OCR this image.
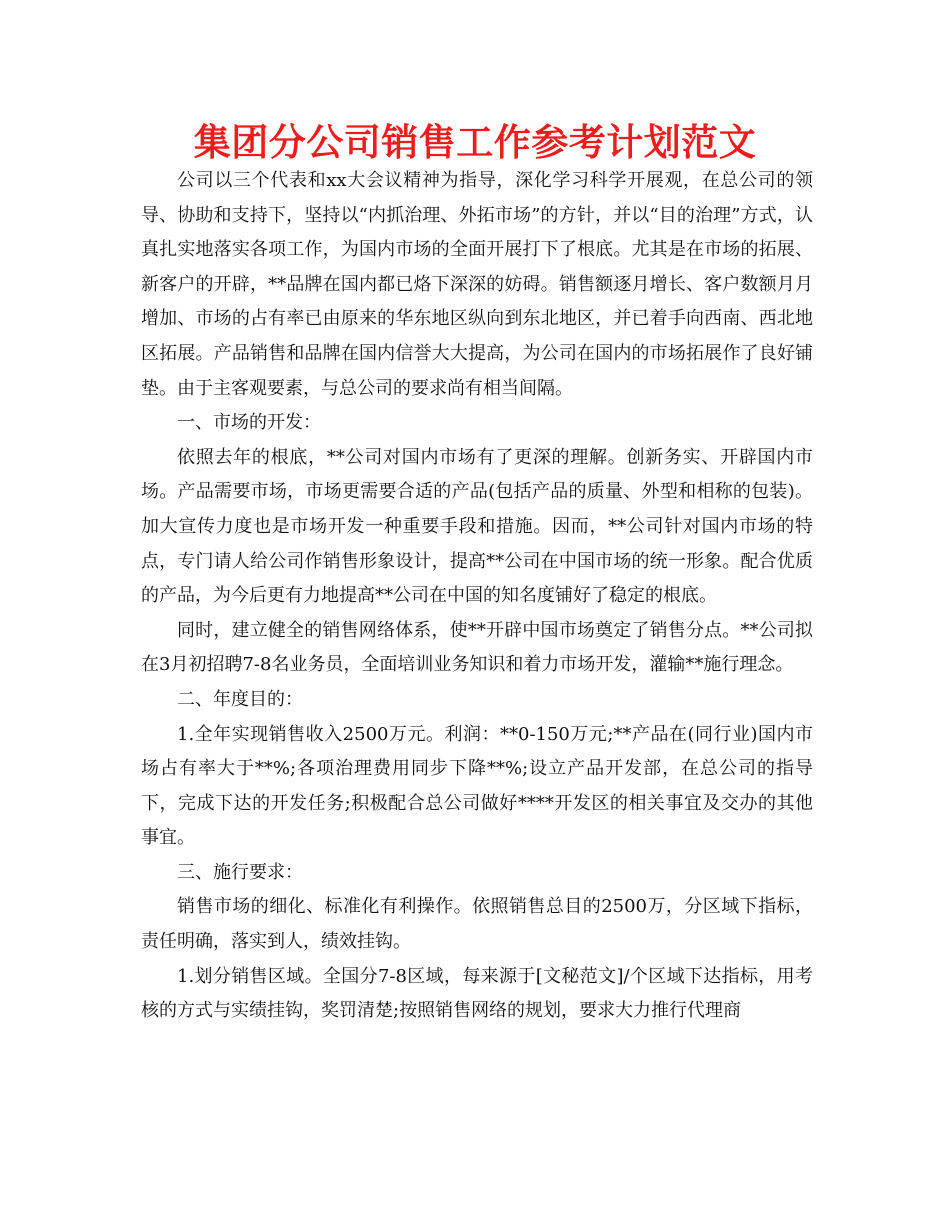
集团分公司销售工作参考计划范文

公司以三个代表和xx大会议精神为指导，深化学习科学开展观，在总公司的领导、协助和支持下，坚持以“内抓治理、外拓市场”的方针，并以“目的治理”方式，认真扎实地落实各项工作，为国内市场的全面开展打下了根底。尤其是在市场的拓展、新客户的开辟，**品牌在国内都已烙下深深的妨碍。销售额逐月增长、客户数额月月增加、市场的占有率已由原来的华东地区纵向到东北地区，并已着手向西南、西北地区拓展。产品销售和品牌在国内信誉大大提高，为公司在国内的市场拓展作了良好铺垫。由于主客观要素，与总公司的要求尚有相当间隔。

一、市场的开发：

依照去年的根底，**公司对国内市场有了更深的理解。创新务实、开辟国内市场。产品需要市场，市场更需要合适的产品(包括产品的质量、外型和相称的包装)。加大宣传力度也是市场开发一种重要手段和措施。因而，**公司针对国内市场的特点，专门请人给公司作销售形象设计，提高**公司在中国市场的统一形象。配合优质的产品，为今后更有力地提高**公司在中国的知名度铺好了稳定的根底。

同时，建立健全的销售网络体系，使**开辟中国市场奠定了销售分点。**公司拟在3月初招聘7-8名业务员，全面培训业务知识和着力市场开发，灌输**施行理念。

二、年度目的：

1.全年实现销售收入2500万元。利润：**0-150万元;**产品在(同行业)国内市场占有率大于**%;各项治理费用同步下降**%;设立产品开发部，在总公司的指导下，完成下达的开发任务;积极配合总公司做好****开发区的相关事宜及交办的其他事宜。

三、施行要求：

销售市场的细化、标准化有利操作。依照销售总目的2500万，分区域下指标，责任明确，落实到人，绩效挂钩。

1.划分销售区域。全国分7-8区域，每来源于[文秘范文]/个区域下达指标，用考核的方式与实绩挂钩，奖罚清楚;按照销售网络的规划，要求大力推行代理商
